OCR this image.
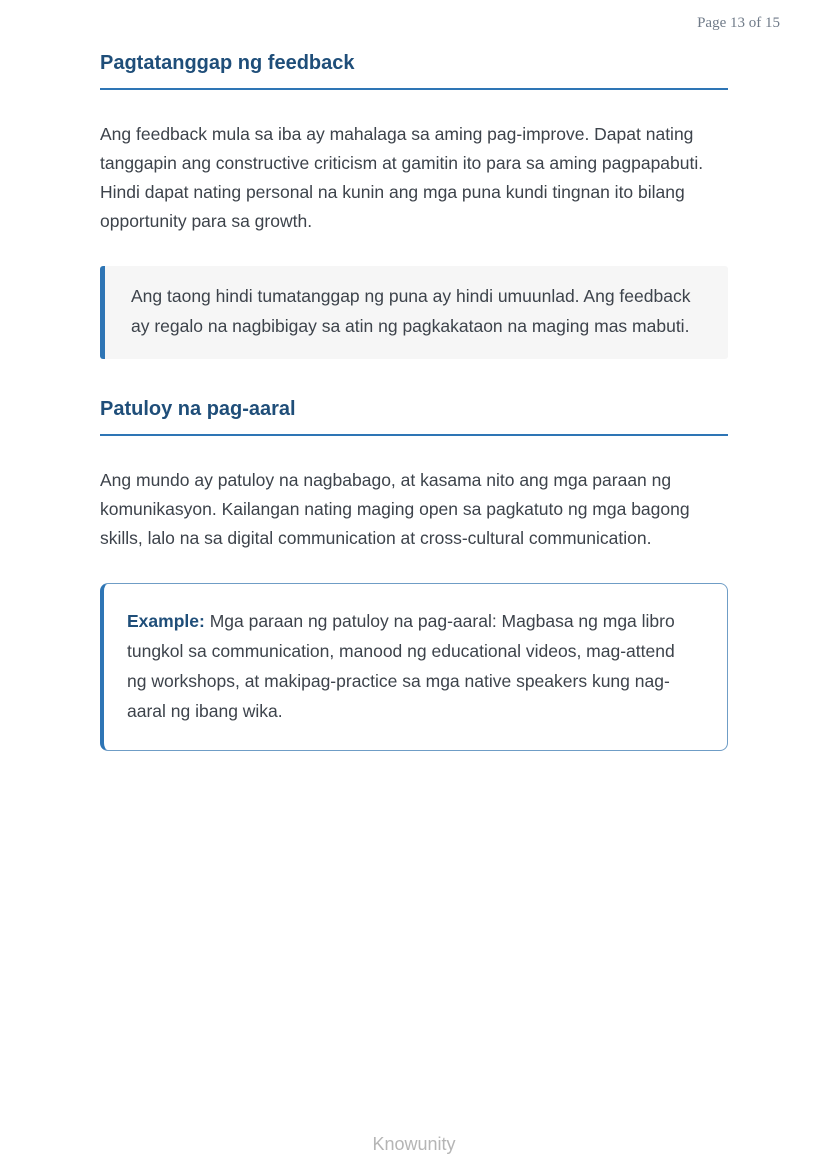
Page 13 of 15
Pagtatanggap ng feedback

Ang feedback mula sa iba ay mahalaga sa aming pag-improve. Dapat nating tanggapin ang constructive criticism at gamitin ito para sa aming pagpapabuti. Hindi dapat nating personal na kunin ang mga puna kundi tingnan ito bilang opportunity para sa growth.

Ang taong hindi tumatanggap ng puna ay hindi umuunlad. Ang feedback ay regalo na nagbibigay sa atin ng pagkakataon na maging mas mabuti.
Patuloy na pag-aaral

Ang mundo ay patuloy na nagbabago, at kasama nito ang mga paraan ng komunikasyon. Kailangan nating maging open sa pagkatuto ng mga bagong skills, lalo na sa digital communication at cross-cultural communication.

Example: Mga paraan ng patuloy na pag-aaral: Magbasa ng mga libro tungkol sa communication, manood ng educational videos, mag-attend ng workshops, at makipag-practice sa mga native speakers kung nag-aaral ng ibang wika.
Knowunity
